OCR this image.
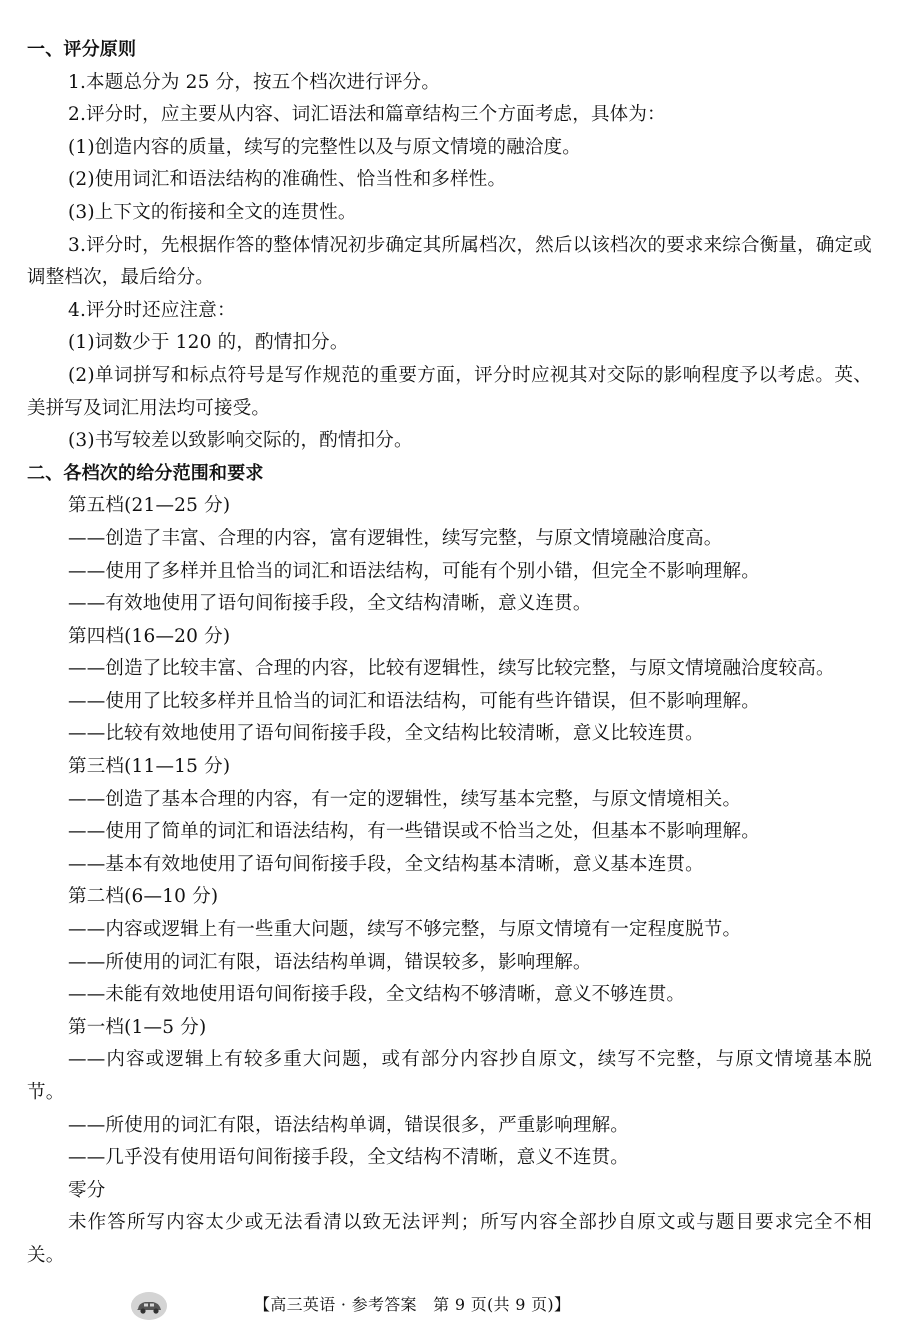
一、评分原则
1.本题总分为 25 分，按五个档次进行评分。
2.评分时，应主要从内容、词汇语法和篇章结构三个方面考虑，具体为：
(1)创造内容的质量，续写的完整性以及与原文情境的融洽度。
(2)使用词汇和语法结构的准确性、恰当性和多样性。
(3)上下文的衔接和全文的连贯性。
3.评分时，先根据作答的整体情况初步确定其所属档次，然后以该档次的要求来综合衡量，确定或调整档次，最后给分。
4.评分时还应注意：
(1)词数少于 120 的，酌情扣分。
(2)单词拼写和标点符号是写作规范的重要方面，评分时应视其对交际的影响程度予以考虑。英、美拼写及词汇用法均可接受。
(3)书写较差以致影响交际的，酌情扣分。
二、各档次的给分范围和要求
第五档(21—25 分)
——创造了丰富、合理的内容，富有逻辑性，续写完整，与原文情境融洽度高。
——使用了多样并且恰当的词汇和语法结构，可能有个别小错，但完全不影响理解。
——有效地使用了语句间衔接手段，全文结构清晰，意义连贯。
第四档(16—20 分)
——创造了比较丰富、合理的内容，比较有逻辑性，续写比较完整，与原文情境融洽度较高。
——使用了比较多样并且恰当的词汇和语法结构，可能有些许错误，但不影响理解。
——比较有效地使用了语句间衔接手段，全文结构比较清晰，意义比较连贯。
第三档(11—15 分)
——创造了基本合理的内容，有一定的逻辑性，续写基本完整，与原文情境相关。
——使用了简单的词汇和语法结构，有一些错误或不恰当之处，但基本不影响理解。
——基本有效地使用了语句间衔接手段，全文结构基本清晰，意义基本连贯。
第二档(6—10 分)
——内容或逻辑上有一些重大问题，续写不够完整，与原文情境有一定程度脱节。
——所使用的词汇有限，语法结构单调，错误较多，影响理解。
——未能有效地使用语句间衔接手段，全文结构不够清晰，意义不够连贯。
第一档(1—5 分)
——内容或逻辑上有较多重大问题，或有部分内容抄自原文，续写不完整，与原文情境基本脱节。
——所使用的词汇有限，语法结构单调，错误很多，严重影响理解。
——几乎没有使用语句间衔接手段，全文结构不清晰，意义不连贯。
零分
未作答所写内容太少或无法看清以致无法评判；所写内容全部抄自原文或与题目要求完全不相关。
【高三英语 · 参考答案　第 9 页(共 9 页)】
